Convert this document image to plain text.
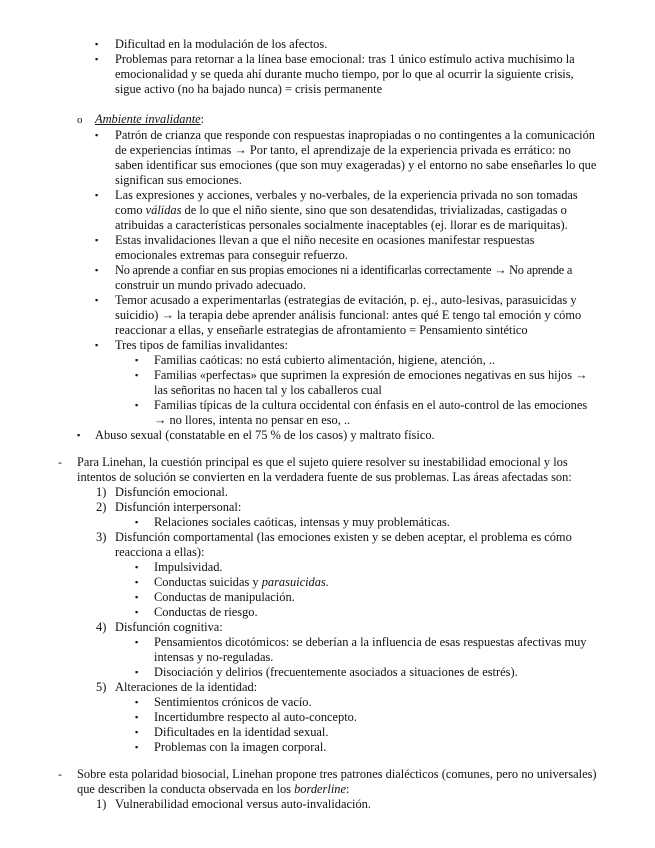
▪
Dificultad en la modulación de los afectos.
▪
Problemas para retornar a la línea base emocional: tras 1 único estímulo activa muchísimo la
emocionalidad y se queda ahí durante mucho tiempo, por lo que al ocurrir la siguiente crisis,
sigue activo (no ha bajado nunca) = crisis permanente
o
Ambiente invalidante:
▪
Patrón de crianza que responde con respuestas inapropiadas o no contingentes a la comunicación
de experiencias íntimas → Por tanto, el aprendizaje de la experiencia privada es errático: no
saben identificar sus emociones (que son muy exageradas) y el entorno no sabe enseñarles lo que
significan sus emociones.
▪
Las expresiones y acciones, verbales y no-verbales, de la experiencia privada no son tomadas
como válidas de lo que el niño siente, sino que son desatendidas, trivializadas, castigadas o
atribuidas a características personales socialmente inaceptables (ej. llorar es de mariquitas).
▪
Estas invalidaciones llevan a que el niño necesite en ocasiones manifestar respuestas
emocionales extremas para conseguir refuerzo.
▪
No aprende a confiar en sus propias emociones ni a identificarlas correctamente → No aprende a
construir un mundo privado adecuado.
▪
Temor acusado a experimentarlas (estrategias de evitación, p. ej., auto-lesivas, parasuicidas y
suicidio) → la terapia debe aprender análisis funcional: antes qué E tengo tal emoción y cómo
reaccionar a ellas, y enseñarle estrategias de afrontamiento = Pensamiento sintético
▪
Tres tipos de familias invalidantes:
▪
Familias caóticas: no está cubierto alimentación, higiene, atención, ..
▪
Familias «perfectas» que suprimen la expresión de emociones negativas en sus hijos →
las señoritas no hacen tal y los caballeros cual
▪
Familias típicas de la cultura occidental con énfasis en el auto-control de las emociones
→ no llores, intenta no pensar en eso, ..
▪
Abuso sexual (constatable en el 75 % de los casos) y maltrato físico.
-
Para Linehan, la cuestión principal es que el sujeto quiere resolver su inestabilidad emocional y los
intentos de solución se convierten en la verdadera fuente de sus problemas. Las áreas afectadas son:
1) Disfunción emocional.
2) Disfunción interpersonal:
▪
Relaciones sociales caóticas, intensas y muy problemáticas.
3) Disfunción comportamental (las emociones existen y se deben aceptar, el problema es cómo
reacciona a ellas):
▪
Impulsividad.
▪
Conductas suicidas y parasuicidas.
▪
Conductas de manipulación.
▪
Conductas de riesgo.
4) Disfunción cognitiva:
▪
Pensamientos dicotómicos: se deberían a la influencia de esas respuestas afectivas muy
intensas y no-reguladas.
▪
Disociación y delirios (frecuentemente asociados a situaciones de estrés).
5) Alteraciones de la identidad:
▪
Sentimientos crónicos de vacío.
▪
Incertidumbre respecto al auto-concepto.
▪
Dificultades en la identidad sexual.
▪
Problemas con la imagen corporal.
-
Sobre esta polaridad biosocial, Linehan propone tres patrones dialécticos (comunes, pero no universales)
que describen la conducta observada en los borderline:
1) Vulnerabilidad emocional versus auto-invalidación.
